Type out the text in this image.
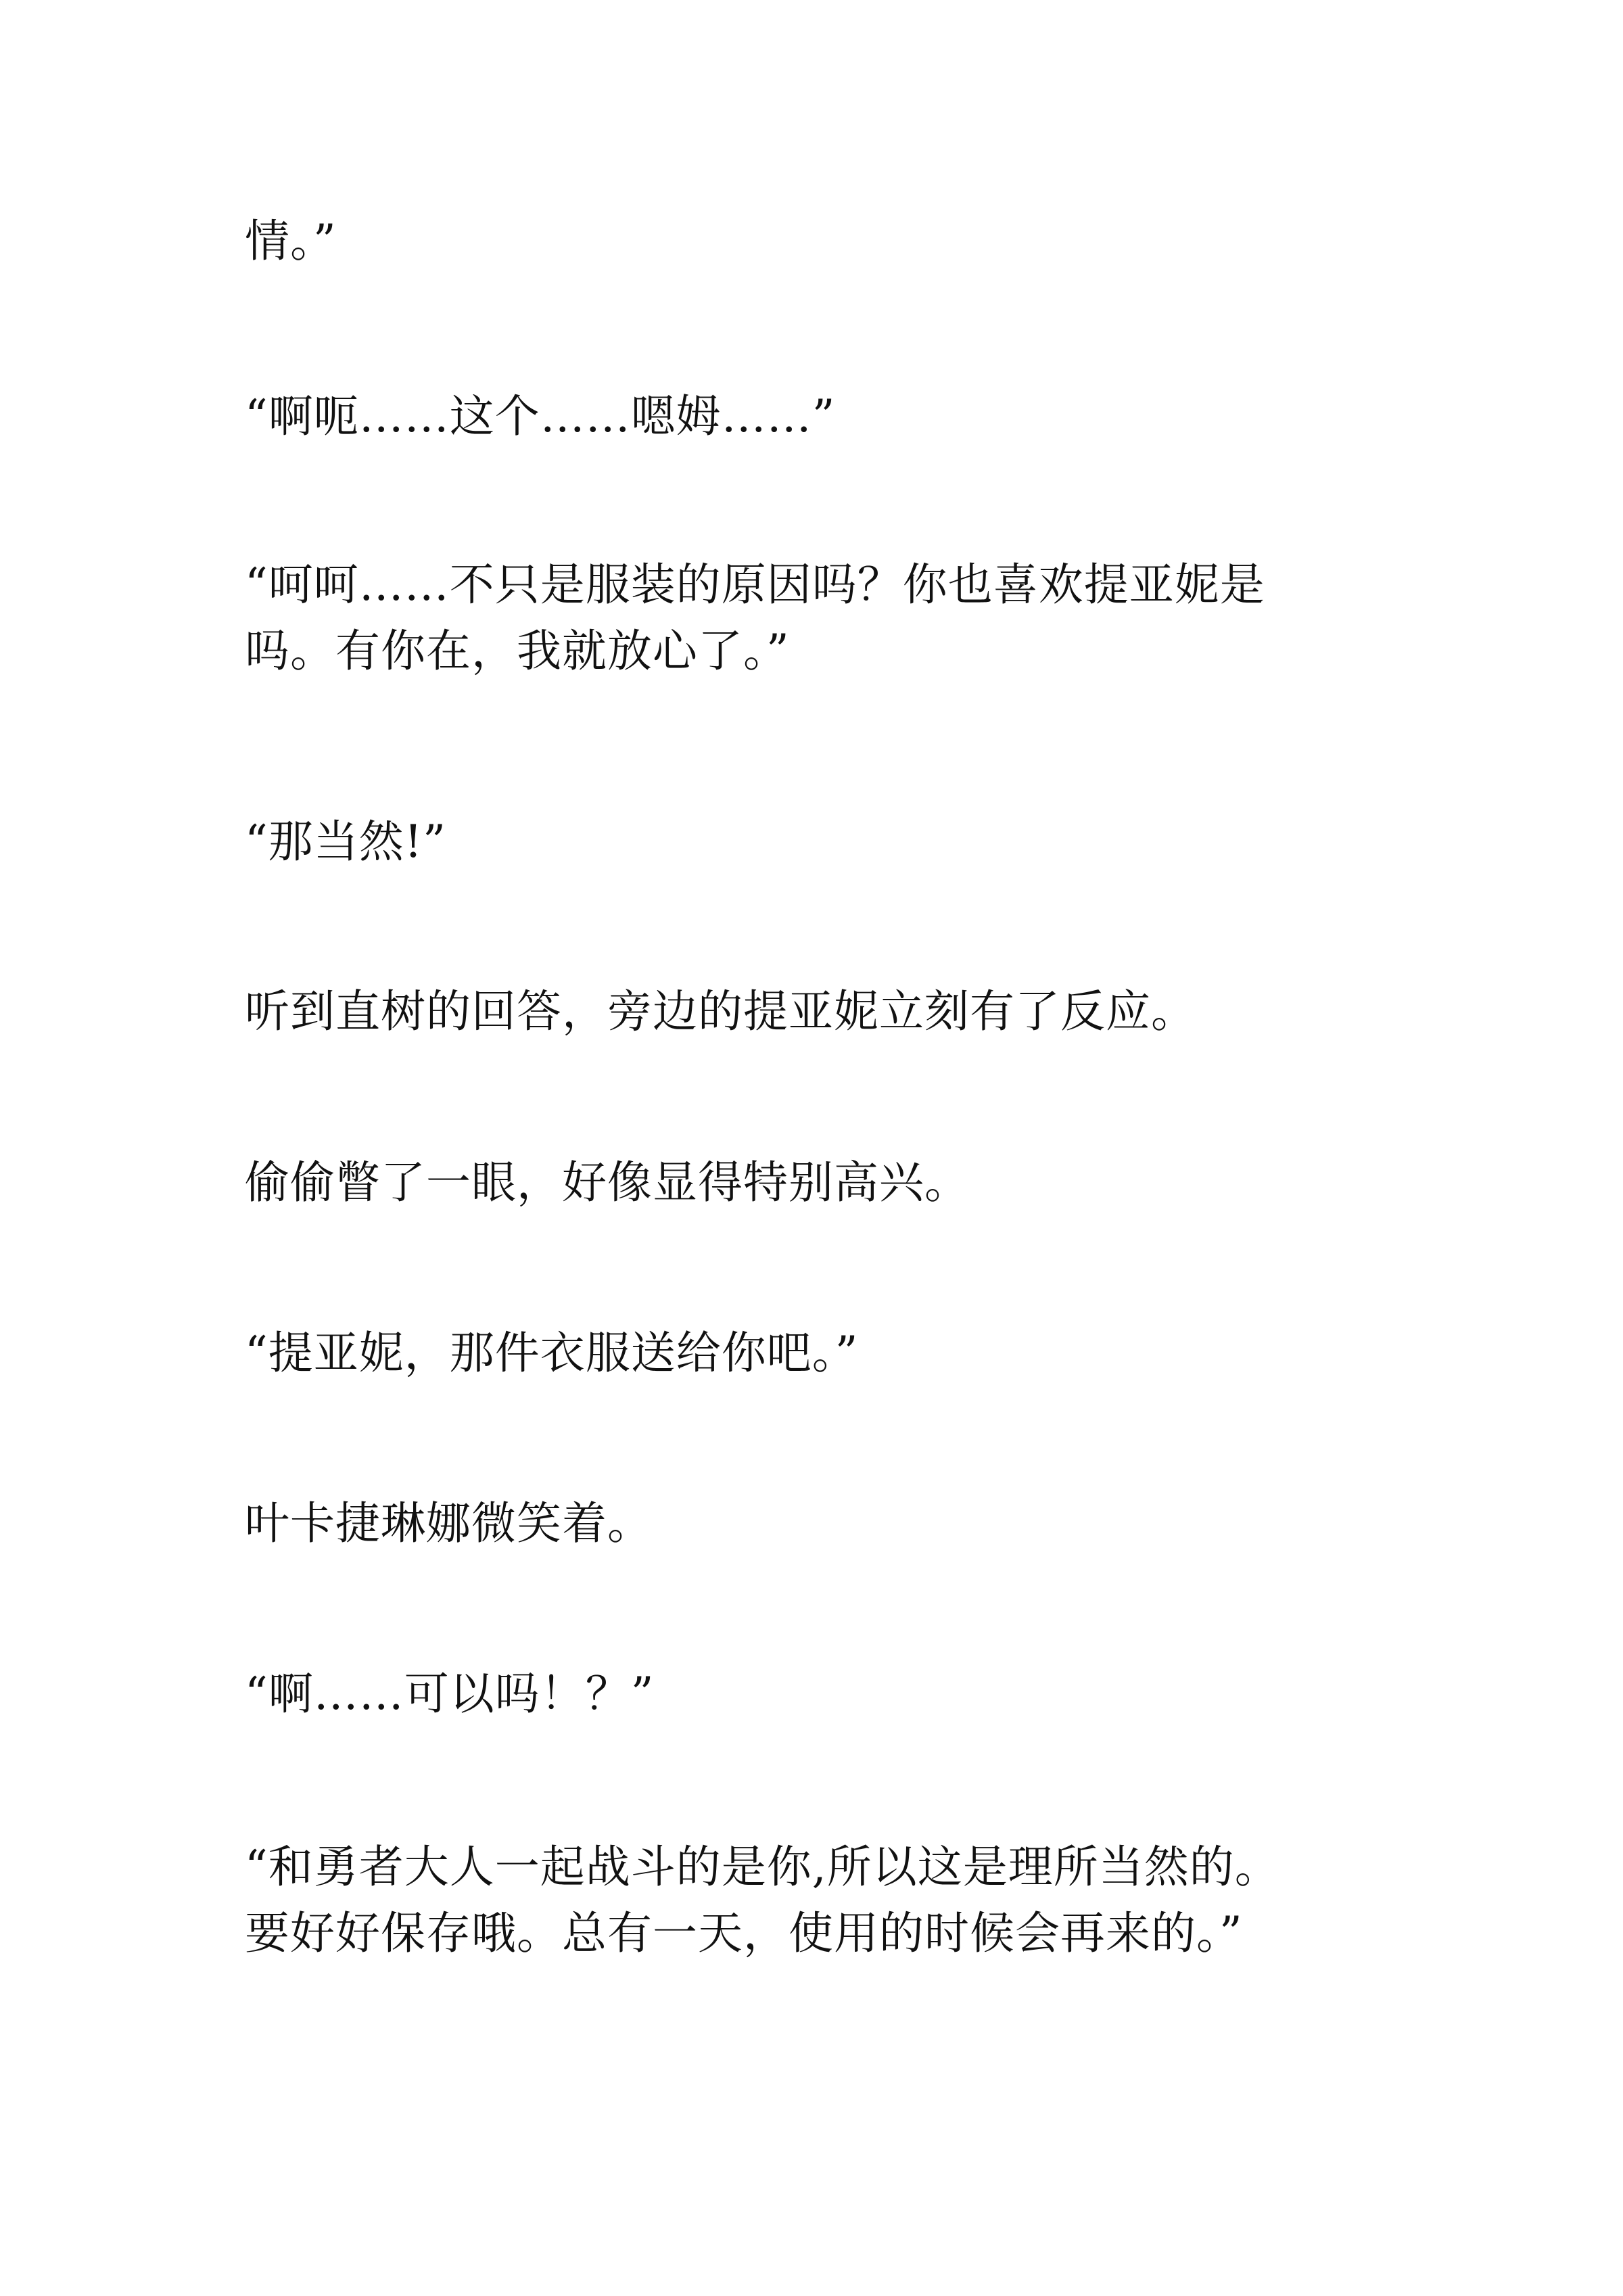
情。”
“啊呃……这个……嗯姆……”
“呵呵……不只是服装的原因吗？你也喜欢提亚妮是
吗。有你在，我就放心了。”
“那当然!”
听到直树的回答，旁边的提亚妮立刻有了反应。
偷偷瞥了一眼，好像显得特别高兴。
“提亚妮，那件衣服送给你吧。”
叶卡捷琳娜微笑着。
“啊……可以吗！？”
“和勇者大人一起战斗的是你,所以这是理所当然的。
要好好保存哦。总有一天，使用的时候会再来的。”
